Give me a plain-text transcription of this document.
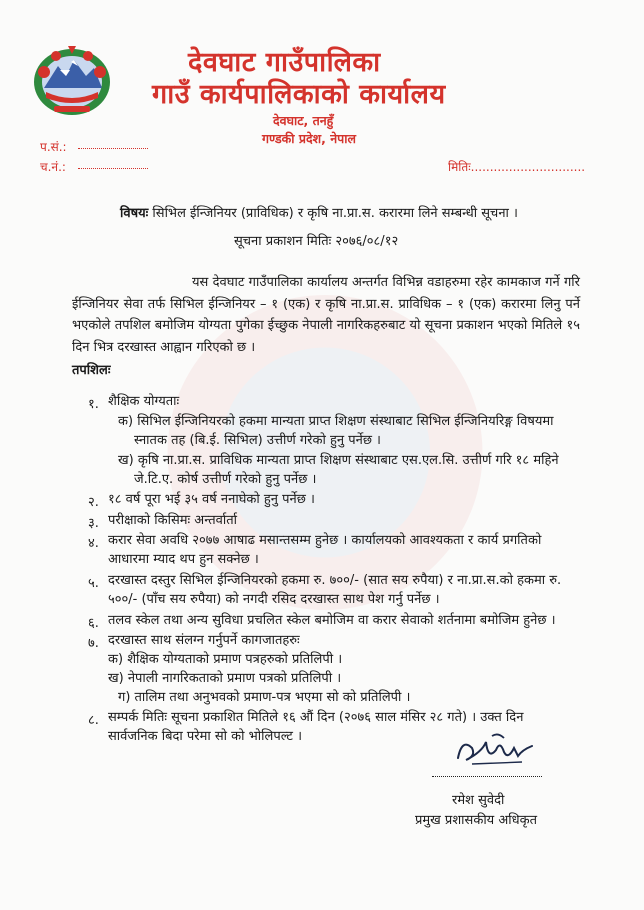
देवघाट गाउँपालिका
गाउँ कार्यपालिकाको कार्यालय
देवघाट, तनहुँ
गण्डकी प्रदेश, नेपाल
प.सं.:
च.नं.:	मितिः..............................
विषयः सिभिल ईन्जिनियर (प्राविधिक) र कृषि ना.प्रा.स. करारमा लिने सम्बन्धी सूचना ।
सूचना प्रकाशन मितिः २०७६/०८/१२
यस देवघाट गाउँपालिका कार्यालय अन्तर्गत विभिन्न वडाहरुमा रहेर कामकाज गर्ने गरि ईन्जिनियर सेवा तर्फ सिभिल ईन्जिनियर – १ (एक) र कृषि ना.प्रा.स. प्राविधिक – १ (एक) करारमा लिनु पर्ने भएकोले तपशिल बमोजिम योग्यता पुगेका ईच्छुक नेपाली नागरिकहरुबाट यो सूचना प्रकाशन भएको मितिले १५ दिन भित्र दरखास्त आह्वान गरिएको छ ।
तपशिलः
१. शैक्षिक योग्यताः
क) सिभिल ईन्जिनियरको हकमा मान्यता प्राप्त शिक्षण संस्थाबाट सिभिल ईन्जिनियरिङ्ग विषयमा
स्नातक तह (बि.ई. सिभिल) उत्तीर्ण गरेको हुनु पर्नेछ ।
ख) कृषि ना.प्रा.स. प्राविधिक मान्यता प्राप्त शिक्षण संस्थाबाट एस.एल.सि. उत्तीर्ण गरि १८ महिने
जे.टि.ए. कोर्ष उत्तीर्ण गरेको हुनु पर्नेछ ।
२. १८ वर्ष पूरा भई ३५ वर्ष ननाघेको हुनु पर्नेछ ।
३. परीक्षाको किसिमः अन्तर्वार्ता
४. करार सेवा अवधि २०७७ आषाढ मसान्तसम्म हुनेछ । कार्यालयको आवश्यकता र कार्य प्रगतिको
आधारमा म्याद थप हुन सक्नेछ ।
५. दरखास्त दस्तुर सिभिल ईन्जिनियरको हकमा रु. ७००/- (सात सय रुपैया) र ना.प्रा.स.को हकमा रु.
५००/- (पाँच सय रुपैया) को नगदी रसिद दरखास्त साथ पेश गर्नु पर्नेछ ।
६. तलव स्केल तथा अन्य सुविधा प्रचलित स्केल बमोजिम वा करार सेवाको शर्तनामा बमोजिम हुनेछ ।
७. दरखास्त साथ संलग्न गर्नुपर्ने कागजातहरुः
क) शैक्षिक योग्यताको प्रमाण पत्रहरुको प्रतिलिपी ।
ख) नेपाली नागरिकताको प्रमाण पत्रको प्रतिलिपी ।
ग) तालिम तथा अनुभवको प्रमाण-पत्र भएमा सो को प्रतिलिपी ।
८. सम्पर्क मितिः सूचना प्रकाशित मितिले १६ औं दिन (२०७६ साल मंसिर २८ गते) । उक्त दिन
सार्वजनिक बिदा परेमा सो को भोलिपल्ट ।
रमेश सुवेदी
प्रमुख प्रशासकीय अधिकृत
